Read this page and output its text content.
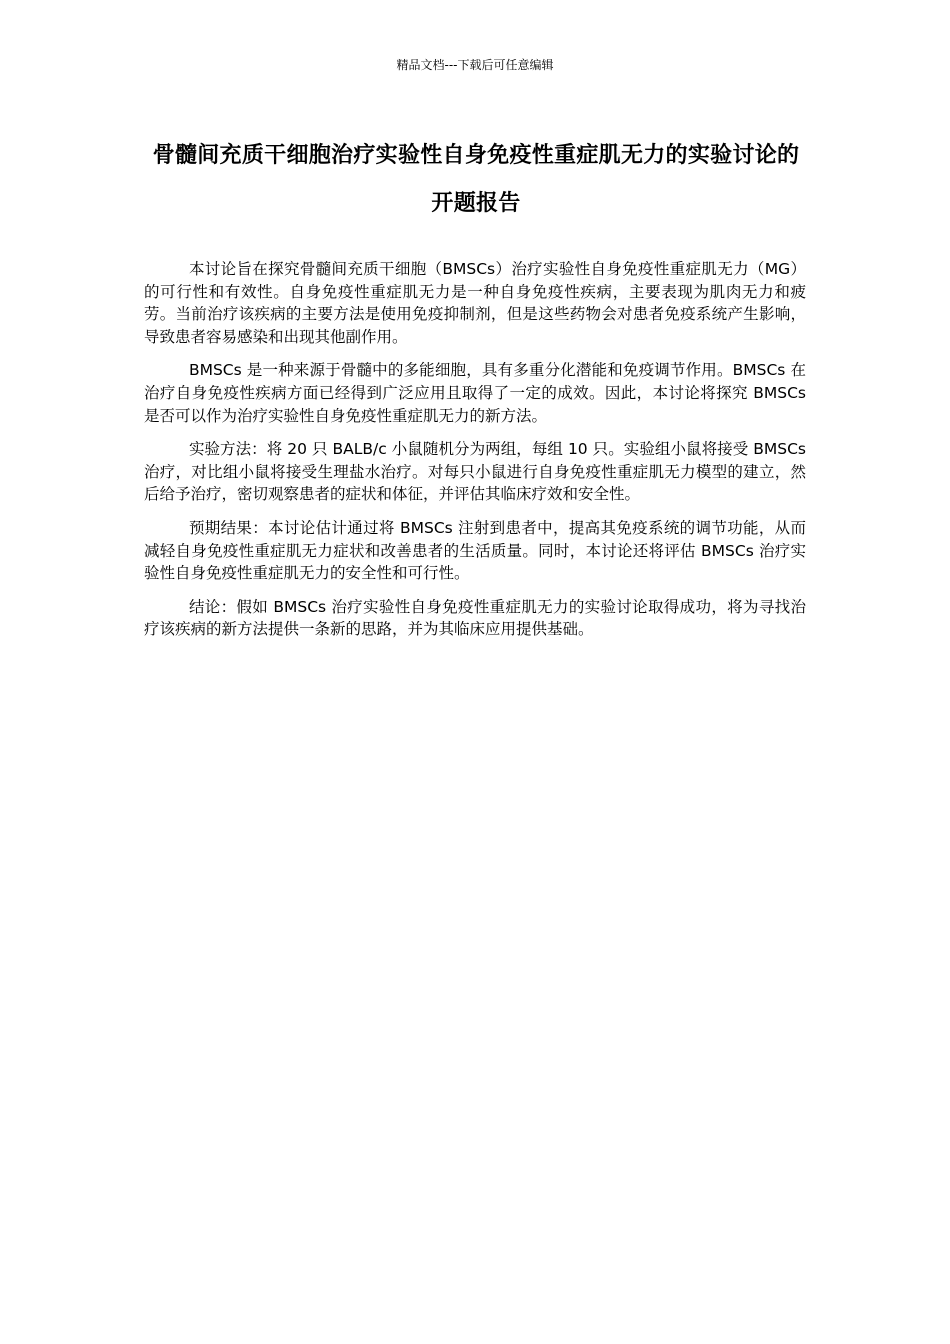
精品文档---下载后可任意编辑
骨髓间充质干细胞治疗实验性自身免疫性重症肌无力的实验讨论的开题报告

本讨论旨在探究骨髓间充质干细胞（BMSCs）治疗实验性自身免疫性重症肌无力（MG）的可行性和有效性。自身免疫性重症肌无力是一种自身免疫性疾病，主要表现为肌肉无力和疲劳。当前治疗该疾病的主要方法是使用免疫抑制剂，但是这些药物会对患者免疫系统产生影响，导致患者容易感染和出现其他副作用。

BMSCs 是一种来源于骨髓中的多能细胞，具有多重分化潜能和免疫调节作用。BMSCs 在治疗自身免疫性疾病方面已经得到广泛应用且取得了一定的成效。因此，本讨论将探究 BMSCs 是否可以作为治疗实验性自身免疫性重症肌无力的新方法。

实验方法：将 20 只 BALB/c 小鼠随机分为两组，每组 10 只。实验组小鼠将接受 BMSCs 治疗，对比组小鼠将接受生理盐水治疗。对每只小鼠进行自身免疫性重症肌无力模型的建立，然后给予治疗，密切观察患者的症状和体征，并评估其临床疗效和安全性。

预期结果：本讨论估计通过将 BMSCs 注射到患者中，提高其免疫系统的调节功能，从而减轻自身免疫性重症肌无力症状和改善患者的生活质量。同时，本讨论还将评估 BMSCs 治疗实验性自身免疫性重症肌无力的安全性和可行性。

结论：假如 BMSCs 治疗实验性自身免疫性重症肌无力的实验讨论取得成功，将为寻找治疗该疾病的新方法提供一条新的思路，并为其临床应用提供基础。
